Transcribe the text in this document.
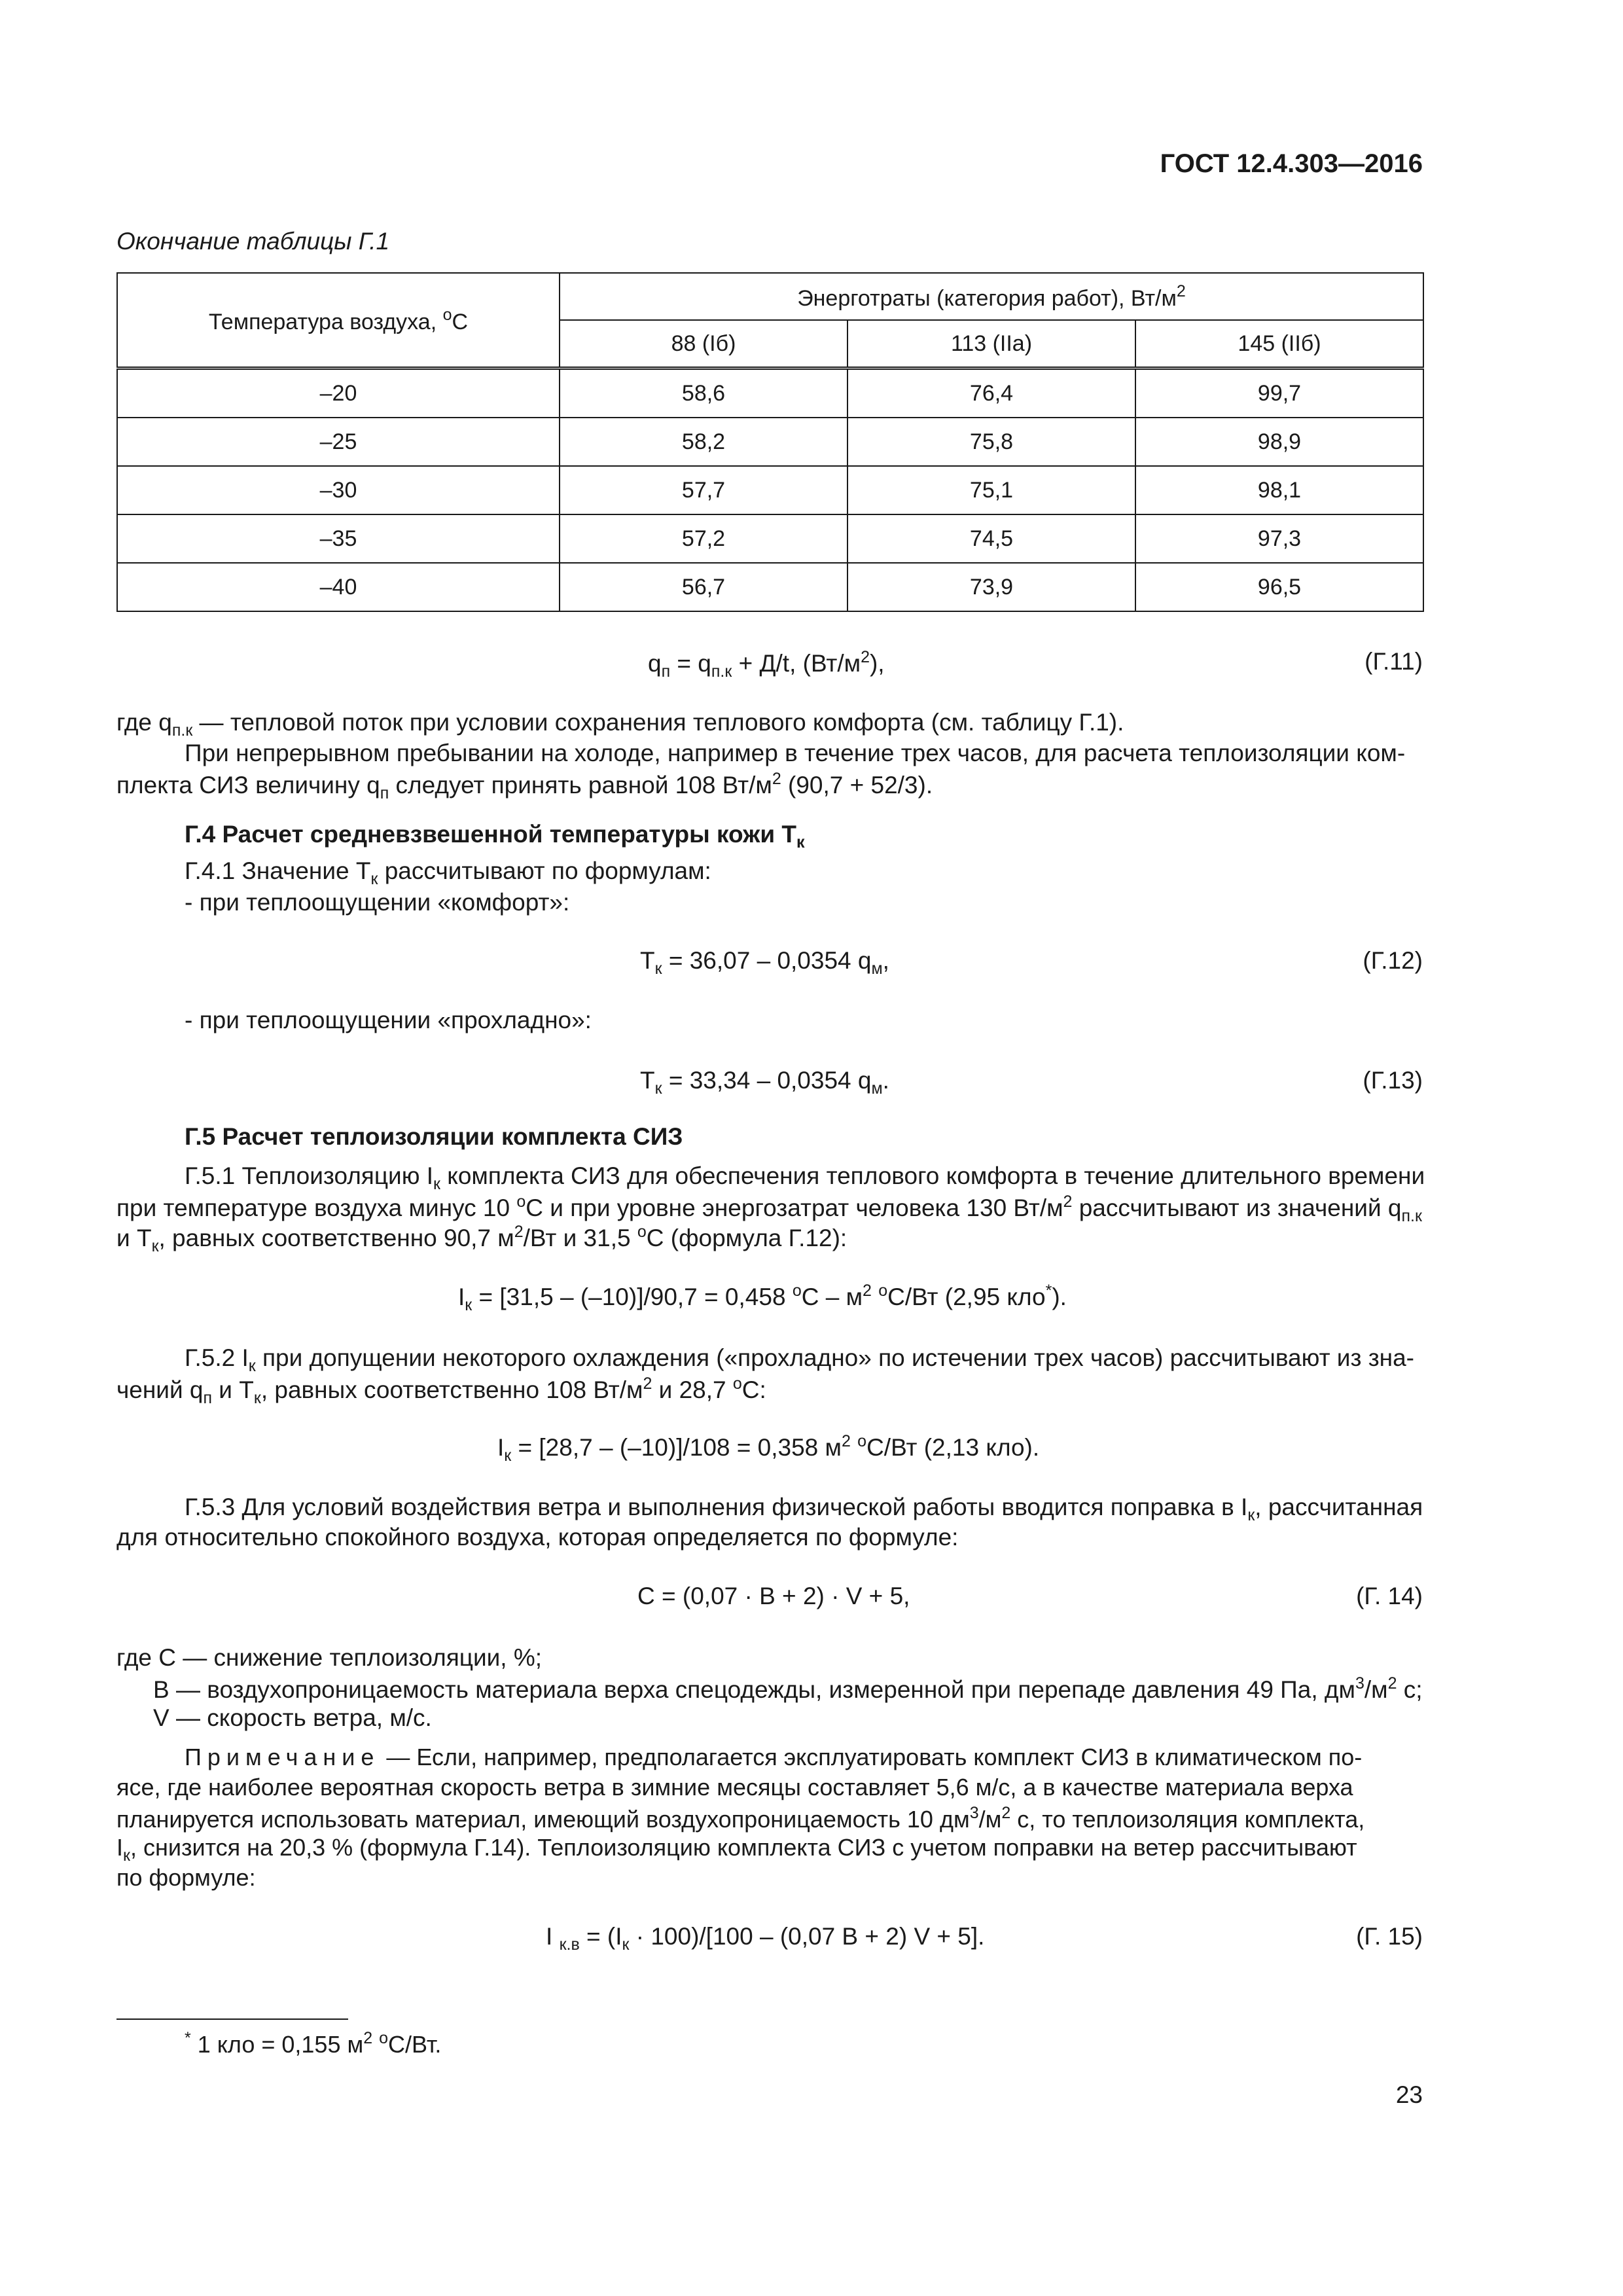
ГОСТ 12.4.303—2016
Окончание таблицы Г.1
Температура воздуха, $^o$С	Энерготраты (категория работ), $Вт/м^2$
	88 (Iб)	113 (IIа)	145 (IIб)
–20	58,6	76,4	99,7
–25	58,2	75,8	98,9
–30	57,7	75,1	98,1
–35	57,2	74,5	97,3
–40	56,7	73,9	96,5
$q_п = q_{п.к} + Д/t$, $(Вт/м^2)$,	(Г.11)
где $q_{п.к}$ — тепловой поток при условии сохранения теплового комфорта (см. таблицу Г.1).
При непрерывном пребывании на холоде, например в течение трех часов, для расчета теплоизоляции ком-
плекта СИЗ величину $q_п$ следует принять равной 108 $Вт/м^2$ (90,7 + 52/3).
Г.4 Расчет средневзвешенной температуры кожи $Т_к$
Г.4.1 Значение $Т_к$ рассчитывают по формулам:
- при теплоощущении «комфорт»:
$Т_к = 36,07 - 0,0354$ $q_м$,	(Г.12)
- при теплоощущении «прохладно»:
$Т_к = 33,34 - 0,0354$ $q_м$.	(Г.13)
Г.5 Расчет теплоизоляции комплекта СИЗ
Г.5.1 Теплоизоляцию $I_к$ комплекта СИЗ для обеспечения теплового комфорта в течение длительного времени
при температуре воздуха минус 10 $^о$С и при уровне энергозатрат человека 130 $Вт/м^2$ рассчитывают из значений $q_{п.к}$
и $Т_к$, равных соответственно 90,7 $м^2/Вт$ и 31,5 $^о$С (формула Г.12):
$I_к = [31,5 - (-10)]/90,7 = 0,458$ $^оС - м^2$ $^о$С/Вт (2,95 кло*).
Г.5.2 $I_к$ при допущении некоторого охлаждения («прохладно» по истечении трех часов) рассчитывают из зна-
чений $q_п$ и $Т_к$, равных соответственно 108 $Вт/м^2$ и 28,7 $^о$С:
$I_к = [28,7 - (-10)]/108 = 0,358$ $м^2$ $^о$С/Вт (2,13 кло).
Г.5.3 Для условий воздействия ветра и выполнения физической работы вводится поправка в $I_к$, рассчитанная
для относительно спокойного воздуха, которая определяется по формуле:
С = (0,07 · В + 2) · V + 5,	(Г. 14)
где С — снижение теплоизоляции, %;
В — воздухопроницаемость материала верха спецодежды, измеренной при перепаде давления 49 Па, $дм^3/м^2$ с;
V — скорость ветра, м/с.
Примечание — Если, например, предполагается эксплуатировать комплект СИЗ в климатическом по-
ясе, где наиболее вероятная скорость ветра в зимние месяцы составляет 5,6 м/с, а в качестве материала верха
планируется использовать материал, имеющий воздухопроницаемость 10 $дм^3/м^2$ с, то теплоизоляция комплекта,
$I_к$, снизится на 20,3 % (формула Г.14). Теплоизоляцию комплекта СИЗ с учетом поправки на ветер рассчитывают
по формуле:
I $_{к.в} = (I_к \cdot 100)/[100 - (0,07$ В + 2) V + 5].	(Г. 15)
* 1 кло = 0,155 $м^2$ $^о$С/Вт.
23
